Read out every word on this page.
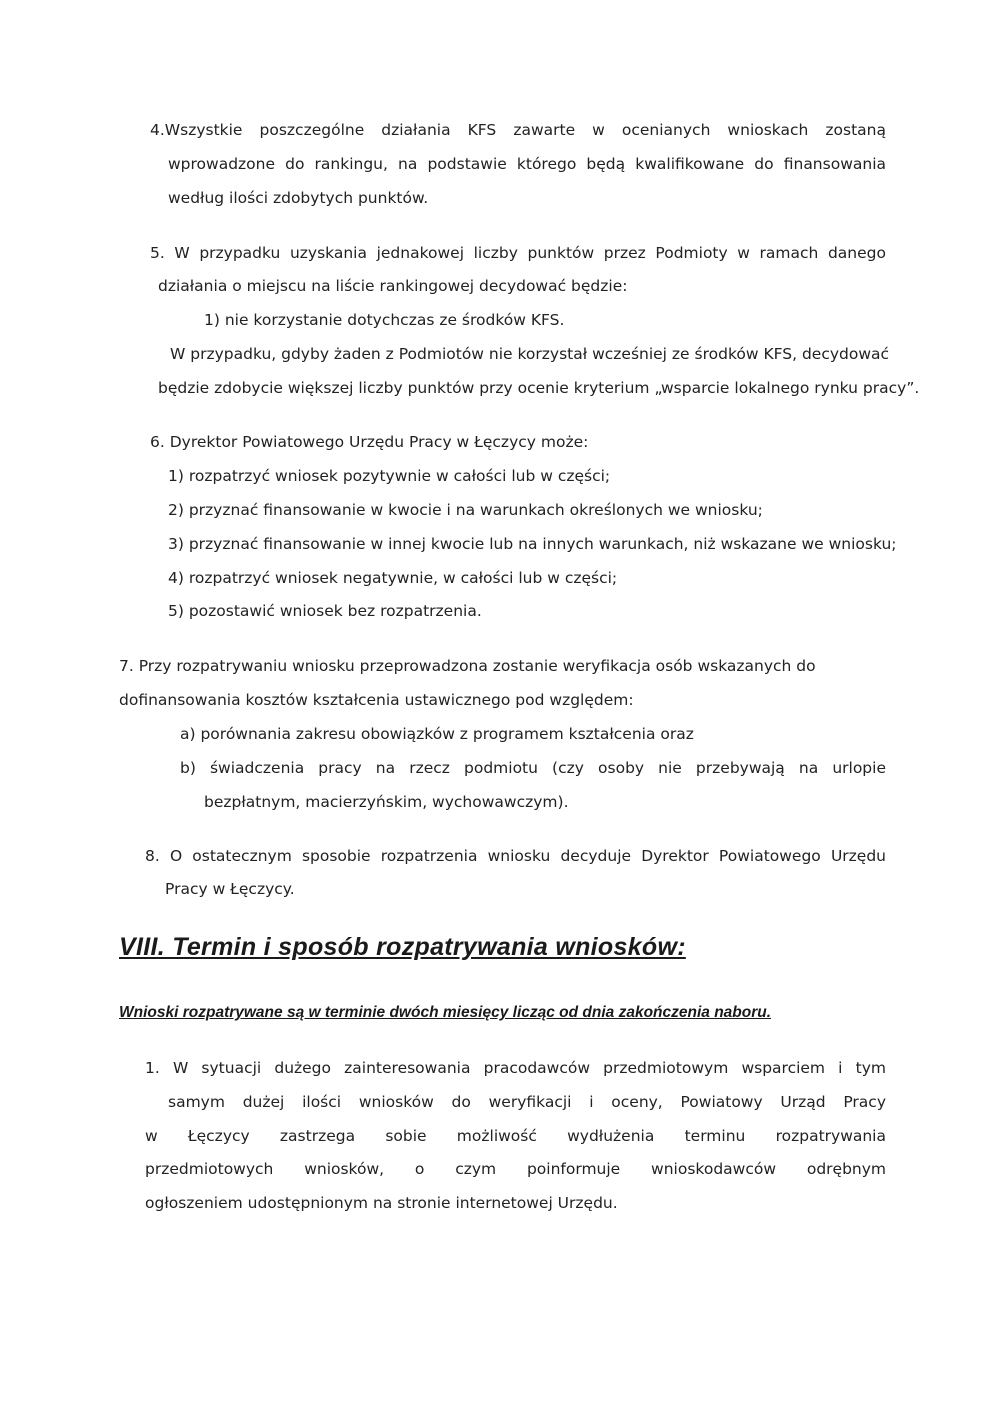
4.Wszystkie poszczególne działania KFS zawarte w ocenianych wnioskach zostaną
wprowadzone do rankingu, na podstawie którego będą kwalifikowane do finansowania
według ilości zdobytych punktów.
5. W przypadku uzyskania jednakowej liczby punktów przez Podmioty w ramach danego
działania o miejscu na liście rankingowej decydować będzie:
1) nie korzystanie dotychczas ze środków KFS.
W przypadku, gdyby żaden z Podmiotów nie korzystał wcześniej ze środków KFS, decydować
będzie zdobycie większej liczby punktów przy ocenie kryterium „wsparcie lokalnego rynku pracy”.
6. Dyrektor Powiatowego Urzędu Pracy w Łęczycy może:
1) rozpatrzyć wniosek pozytywnie w całości lub w części;
2) przyznać finansowanie w kwocie i na warunkach określonych we wniosku;
3) przyznać finansowanie w innej kwocie lub na innych warunkach, niż wskazane we wniosku;
4) rozpatrzyć wniosek negatywnie, w całości lub w części;
5) pozostawić wniosek bez rozpatrzenia.
7. Przy rozpatrywaniu wniosku przeprowadzona zostanie weryfikacja osób wskazanych do
dofinansowania kosztów kształcenia ustawicznego pod względem:
a) porównania zakresu obowiązków z programem kształcenia oraz
b) świadczenia pracy na rzecz podmiotu (czy osoby nie przebywają na urlopie
bezpłatnym, macierzyńskim, wychowawczym).
8. O ostatecznym sposobie rozpatrzenia wniosku decyduje Dyrektor Powiatowego Urzędu
Pracy w Łęczycy.
VIII. Termin i sposób rozpatrywania wniosków:
Wnioski rozpatrywane są w terminie dwóch miesięcy licząc od dnia zakończenia naboru.
1. W sytuacji dużego zainteresowania pracodawców przedmiotowym wsparciem i tym
samym dużej ilości wniosków do weryfikacji i oceny, Powiatowy Urząd Pracy
w Łęczycy zastrzega sobie możliwość wydłużenia terminu rozpatrywania
przedmiotowych wniosków, o czym poinformuje wnioskodawców odrębnym
ogłoszeniem udostępnionym na stronie internetowej Urzędu.
